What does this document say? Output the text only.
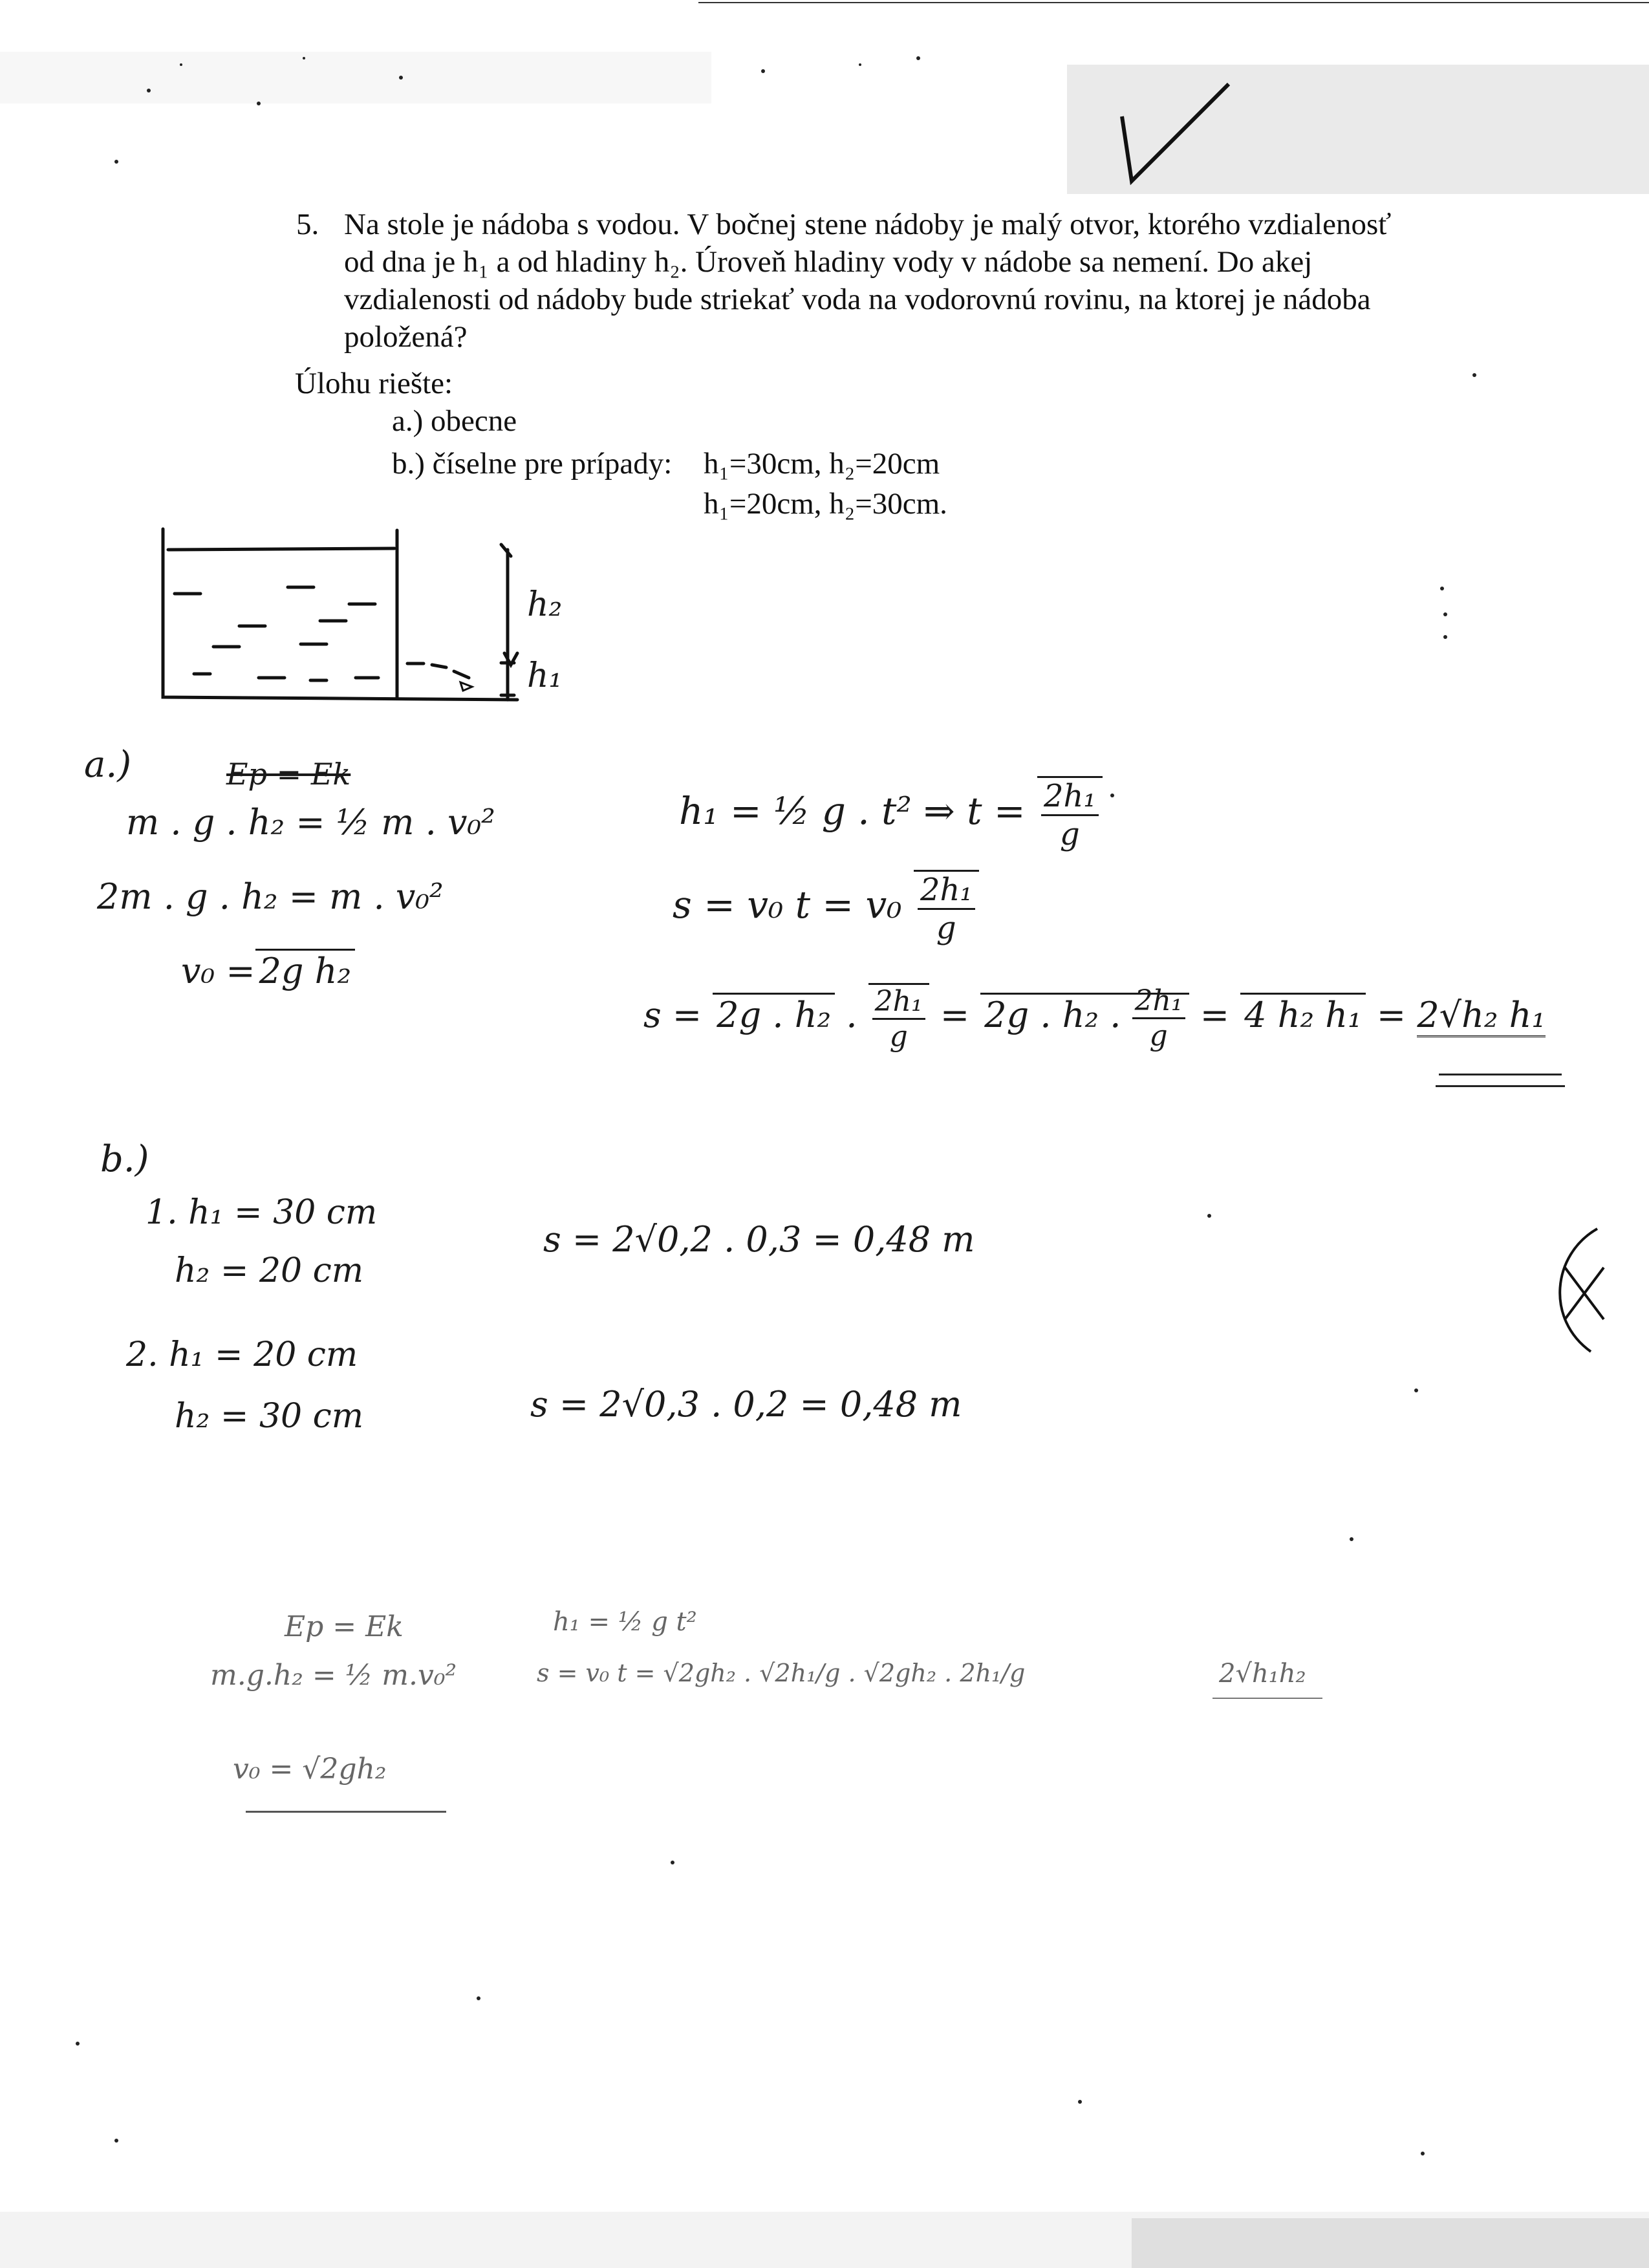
5. Na stole je nádoba s vodou. V bočnej stene nádoby je malý otvor, ktorého vzdialenosť
od dna je h₁ a od hladiny h₂. Úroveň hladiny vody v nádobe sa nemení. Do akej
vzdialenosti od nádoby bude striekať voda na vodorovnú rovinu, na ktorej je nádoba
položená?
Úlohu riešte:
a.) obecne
b.) číselne pre prípady: h₁=30cm, h₂=20cm
h₁=20cm, h₂=30cm.
h₂
h₁
a.)	Ep = Ek
m . g . h₂ = ½ m . v₀²
2m . g . h₂ = m . v₀²
v₀ = 2g h₂
h₁ = ½ g . t² ⇒ $t = \frac{\text{2h₁}}{g}$
s = v₀ $t = v_0 \frac{\text{2h₁}}{g}$
s = 2g . h₂ . $\frac{\text{2h₁}}{g} = 2g$ . h₂ . $\frac{\text{2h₁}}{g} = 4$ h₂ h₁ = 2√h₂ h₁
b.)
1. h₁ = 30 cm
h₂ = 20 cm
s = 2√0,2 . 0,3 = 0,48 m
2. h₁ = 20 cm
h₂ = 30 cm	s = 2√0,3 . 0,2 = 0,48 m
Ep = Ek	h₁ = ½ g t²
m.g.h₂ = ½ m.v₀²	s = v₀ t = √2gh₂ . √2h₁/g . √2gh₂ . 2h₁/g	2√h₁h₂
v₀ = √2gh₂
